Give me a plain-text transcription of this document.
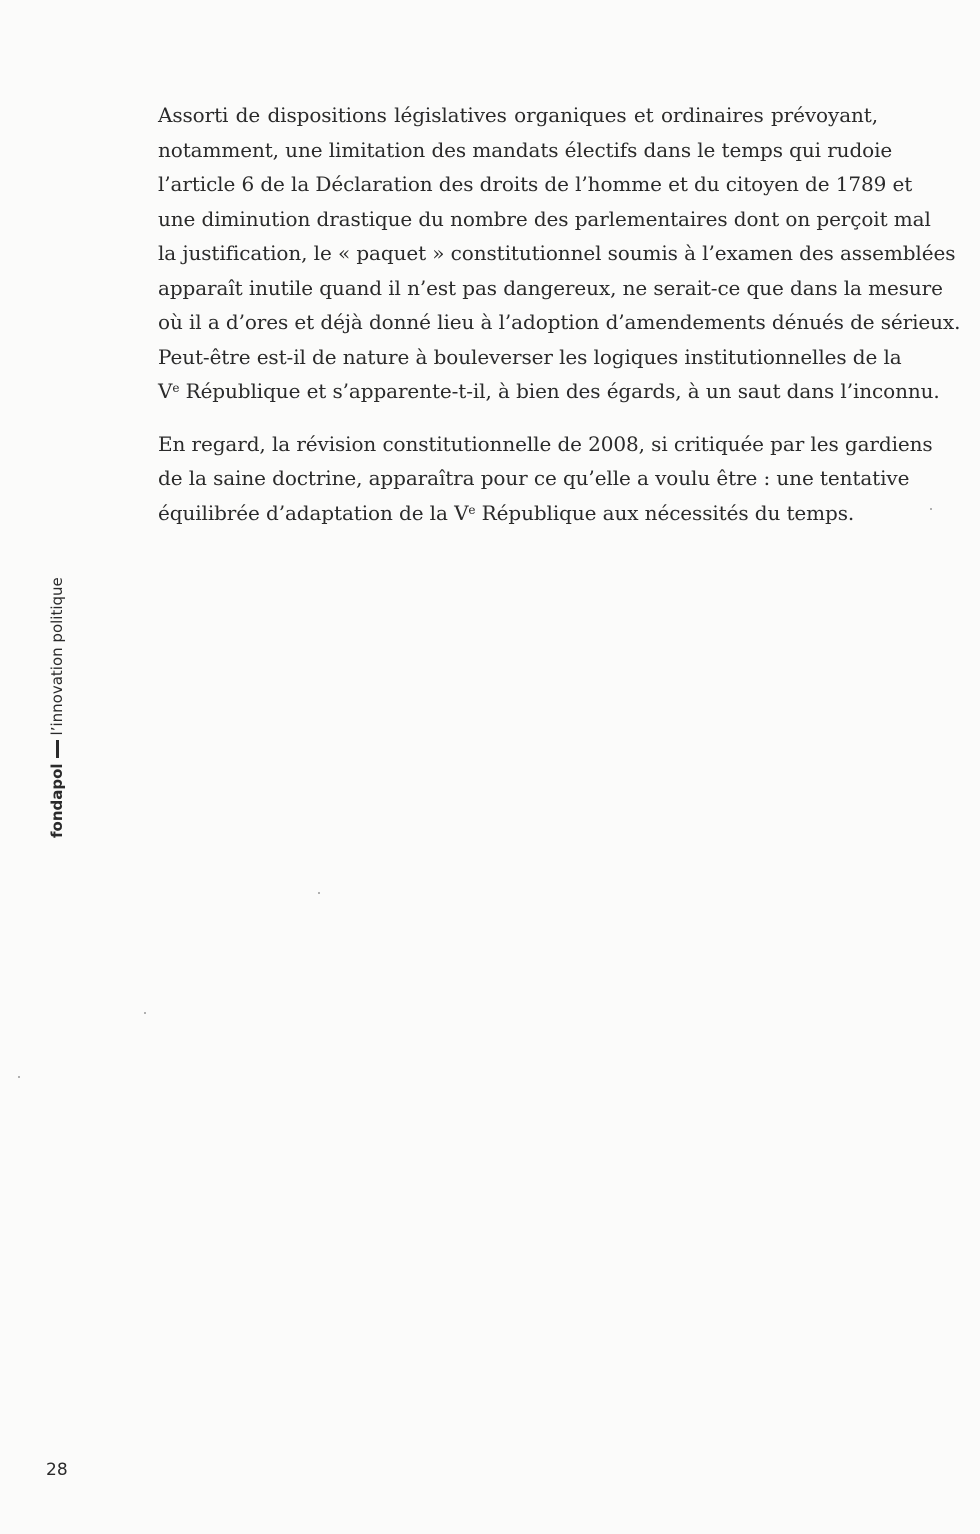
Assorti de dispositions législatives organiques et ordinaires prévoyant,
notamment, une limitation des mandats électifs dans le temps qui rudoie
l’article 6 de la Déclaration des droits de l’homme et du citoyen de 1789 et
une diminution drastique du nombre des parlementaires dont on perçoit mal
la justification, le « paquet » constitutionnel soumis à l’examen des assemblées
apparaît inutile quand il n’est pas dangereux, ne serait-ce que dans la mesure
où il a d’ores et déjà donné lieu à l’adoption d’amendements dénués de sérieux.
Peut-être est-il de nature à bouleverser les logiques institutionnelles de la
Ve République et s’apparente-t-il, à bien des égards, à un saut dans l’inconnu.

En regard, la révision constitutionnelle de 2008, si critiquée par les gardiens
de la saine doctrine, apparaîtra pour ce qu’elle a voulu être : une tentative
équilibrée d’adaptation de la Ve République aux nécessités du temps.

fondapol
l’innovation politique
28
